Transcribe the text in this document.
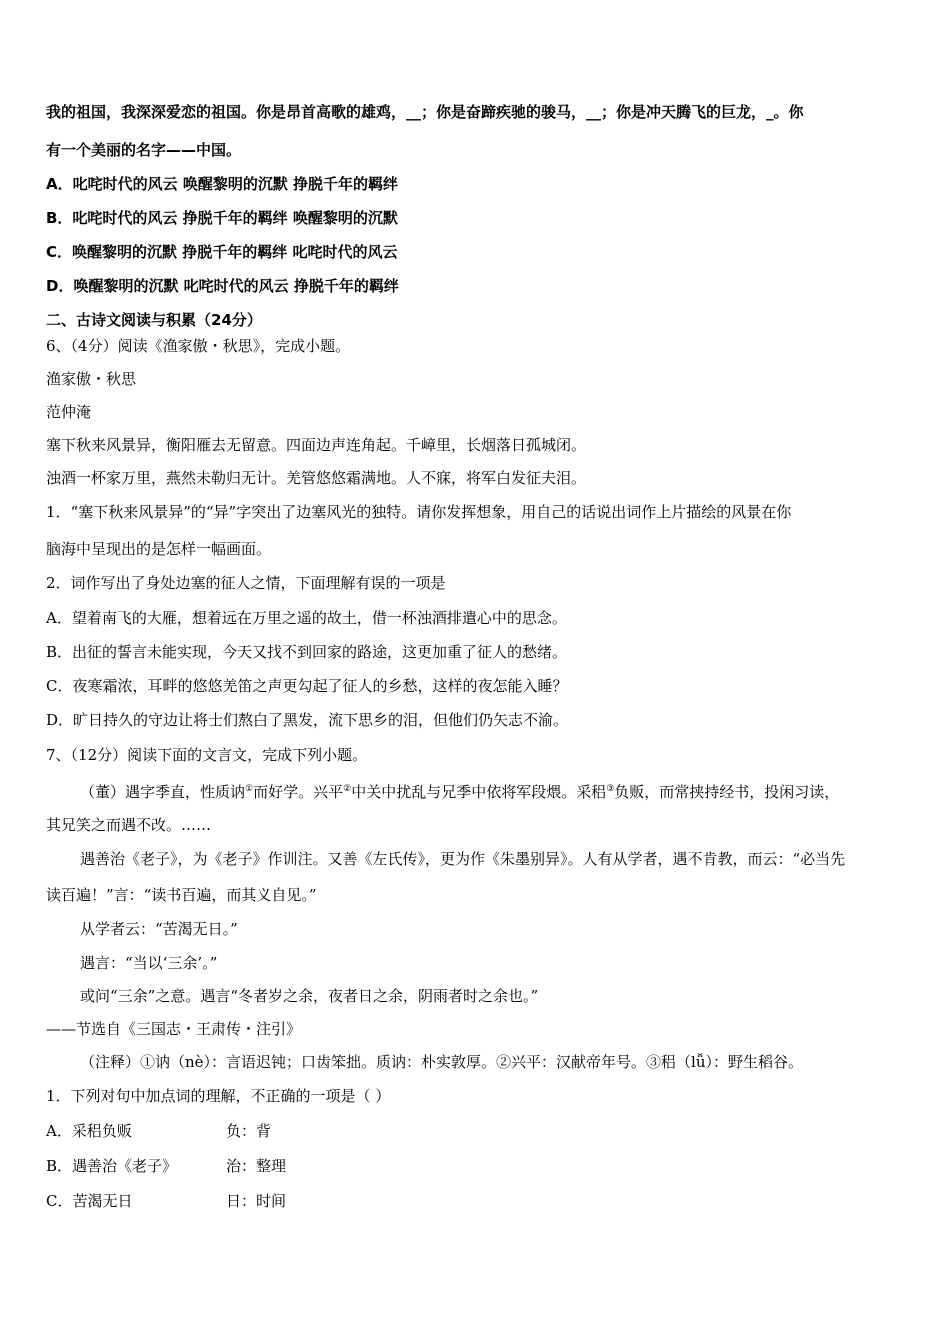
我的祖国，我深深爱恋的祖国。你是昂首高歌的雄鸡，__；你是奋蹄疾驰的骏马，__；你是冲天腾飞的巨龙，_。你
有一个美丽的名字——中国。
A．叱咤时代的风云 唤醒黎明的沉默 挣脱千年的羁绊
B．叱咤时代的风云 挣脱千年的羁绊 唤醒黎明的沉默
C．唤醒黎明的沉默 挣脱千年的羁绊 叱咤时代的风云
D．唤醒黎明的沉默 叱咤时代的风云 挣脱千年的羁绊
二、古诗文阅读与积累（24分）
6、（4分）阅读《渔家傲・秋思》，完成小题。
渔家傲・秋思
范仲淹
塞下秋来风景异，衡阳雁去无留意。四面边声连角起。千嶂里，长烟落日孤城闭。
浊酒一杯家万里，燕然未勒归无计。羌管悠悠霜满地。人不寐，将军白发征夫泪。
1．“塞下秋来风景异”的“异”字突出了边塞风光的独特。请你发挥想象，用自己的话说出词作上片描绘的风景在你
脑海中呈现出的是怎样一幅画面。
2．词作写出了身处边塞的征人之情，下面理解有误的一项是
A．望着南飞的大雁，想着远在万里之遥的故土，借一杯浊酒排遣心中的思念。
B．出征的誓言未能实现，今天又找不到回家的路途，这更加重了征人的愁绪。
C．夜寒霜浓，耳畔的悠悠羌笛之声更勾起了征人的乡愁，这样的夜怎能入睡？
D．旷日持久的守边让将士们熬白了黑发，流下思乡的泪，但他们仍矢志不渝。
7、（12分）阅读下面的文言文，完成下列小题。
（董）遇字季直，性质讷①而好学。兴平②中关中扰乱与兄季中依将军段煨。采稆③负贩，而常挟持经书，投闲习读，
其兄笑之而遇不改。……
遇善治《老子》，为《老子》作训注。又善《左氏传》，更为作《朱墨别异》。人有从学者，遇不肯教，而云：“必当先
读百遍！”言：“读书百遍，而其义自见。”
从学者云：“苦渴无日。”
遇言：“当以‘三余’。”
或问“三余”之意。遇言“冬者岁之余，夜者日之余，阴雨者时之余也。”
——节选自《三国志・王肃传・注引》
（注释）①讷（nè）：言语迟钝；口齿笨拙。质讷：朴实敦厚。②兴平：汉献帝年号。③稆（lǚ）：野生稻谷。
1．下列对句中加点词的理解，不正确的一项是（ ）
A．采稆负贩	负：背
B．遇善治《老子》	治：整理
C．苦渴无日	日：时间
